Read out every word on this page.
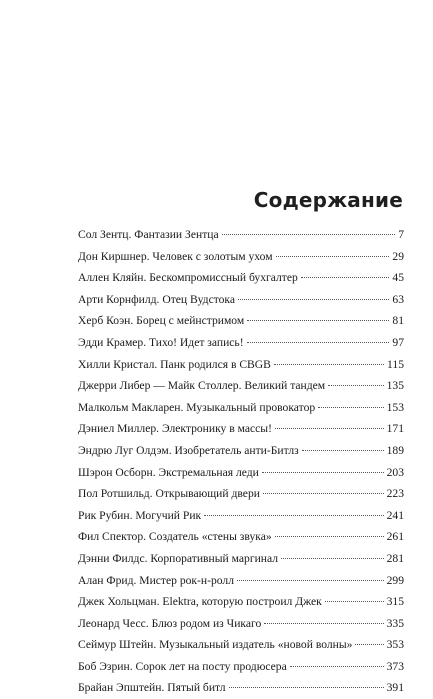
Содержание
Сол Зентц. Фантазии Зентца	7
Дон Киршнер. Человек с золотым ухом	29
Аллен Кляйн. Бескомпромиссный бухгалтер	45
Арти Корнфилд. Отец Вудстока	63
Херб Коэн. Борец с мейнстримом	81
Эдди Крамер. Тихо! Идет запись!	97
Хилли Кристал. Панк родился в CBGB	115
Джерри Либер — Майк Столлер. Великий тандем	135
Малкольм Макларен. Музыкальный провокатор	153
Дэниел Миллер. Электронику в массы!	171
Эндрю Луг Олдэм. Изобретатель анти-Битлз	189
Шэрон Осборн. Экстремальная леди	203
Пол Ротшильд. Открывающий двери	223
Рик Рубин. Могучий Рик	241
Фил Спектор. Создатель «стены звука»	261
Дэнни Филдс. Корпоративный маргинал	281
Алан Фрид. Мистер рок-н-ролл	299
Джек Хольцман. Elektra, которую построил Джек	315
Леонард Чесс. Блюз родом из Чикаго	335
Сеймур Штейн. Музыкальный издатель «новой волны»	353
Боб Эзрин. Сорок лет на посту продюсера	373
Брайан Эпштейн. Пятый битл	391
